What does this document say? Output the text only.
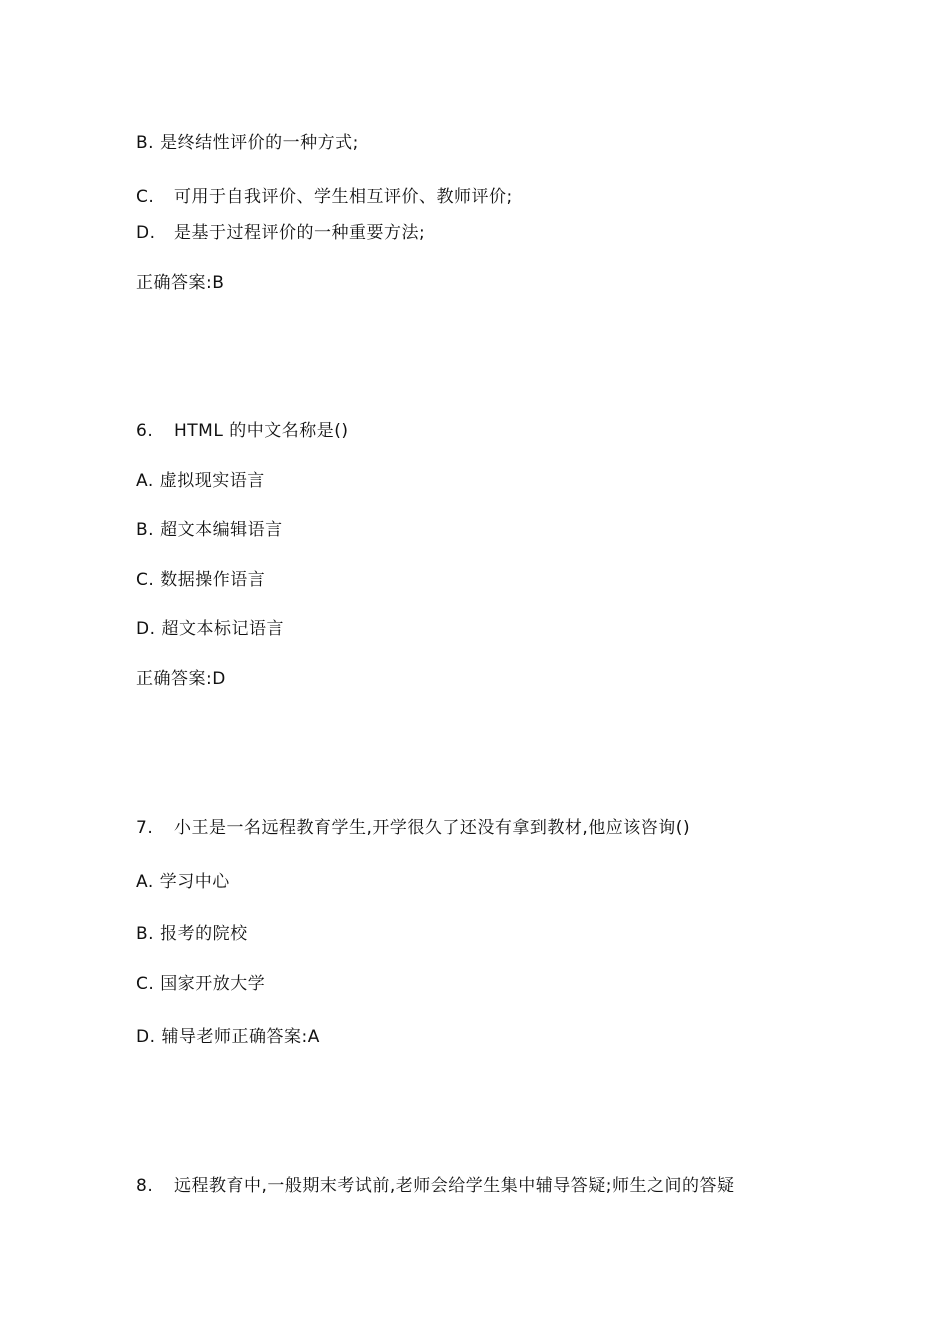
B. 是终结性评价的一种方式;
C. 可用于自我评价、学生相互评价、教师评价;
D. 是基于过程评价的一种重要方法;
正确答案:B
6. HTML 的中文名称是()
A. 虚拟现实语言
B. 超文本编辑语言
C. 数据操作语言
D. 超文本标记语言
正确答案:D
7. 小王是一名远程教育学生,开学很久了还没有拿到教材,他应该咨询()
A. 学习中心
B. 报考的院校
C. 国家开放大学
D. 辅导老师正确答案:A
8. 远程教育中,一般期末考试前,老师会给学生集中辅导答疑;师生之间的答疑
